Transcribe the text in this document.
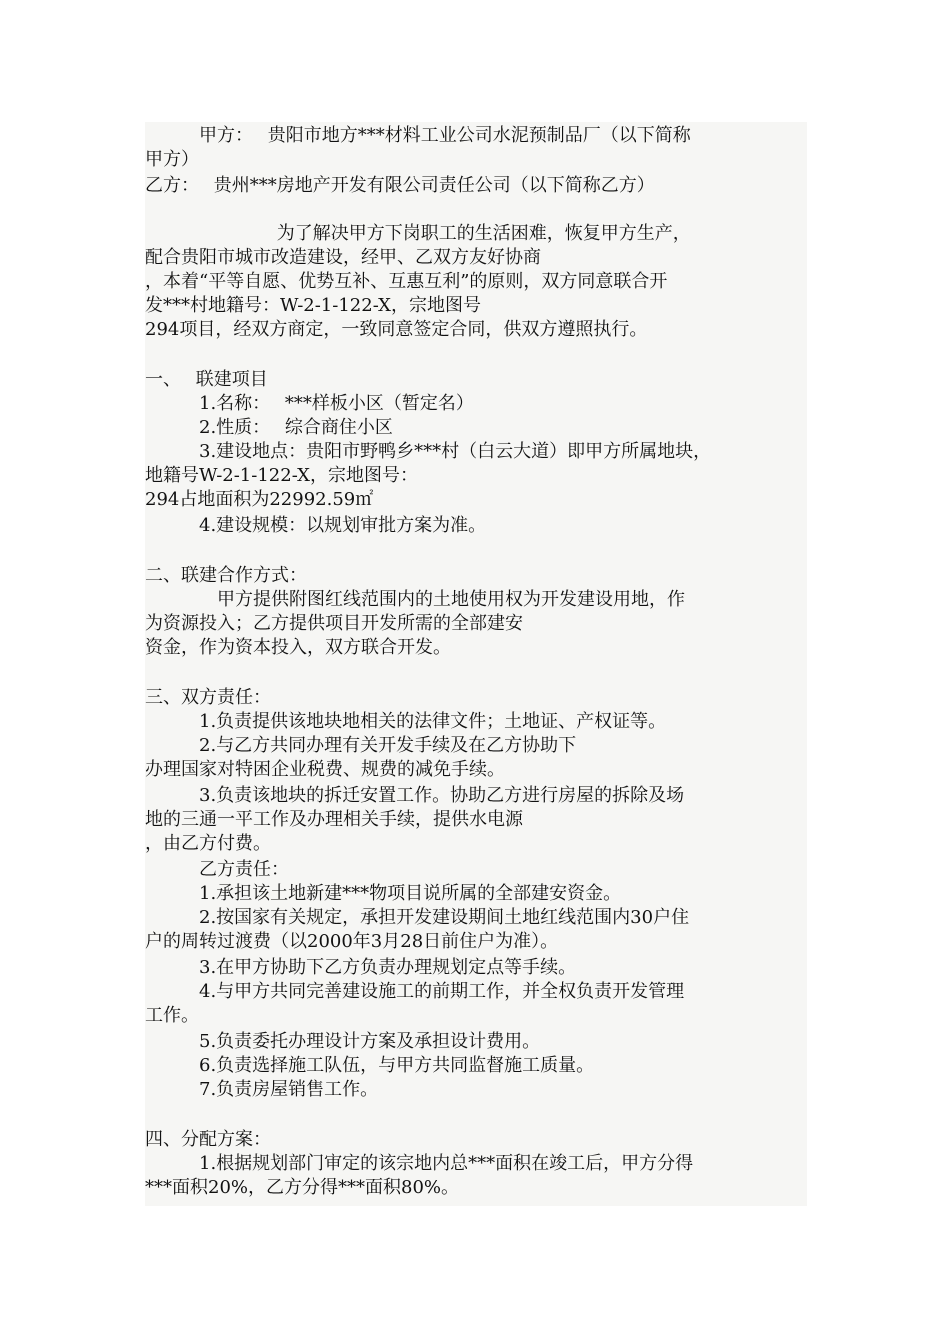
　　　甲方：　 贵阳市地方***材料工业公司水泥预制品厂（以下简称
甲方）
乙方：　 贵州***房地产开发有限公司责任公司（以下简称乙方）
　　　　　　　 为了解决甲方下岗职工的生活困难，恢复甲方生产，
配合贵阳市城市改造建设，经甲、乙双方友好协商
，本着“平等自愿、优势互补、互惠互利”的原则，双方同意联合开
发***村地籍号：W-2-1-122-X，宗地图号
294项目，经双方商定，一致同意签定合同，供双方遵照执行。
一、　 联建项目
　　　1.名称：　 ***样板小区（暂定名）
　　　2.性质：　 综合商住小区
　　　3.建设地点：贵阳市野鸭乡***村（白云大道）即甲方所属地块，
地籍号W-2-1-122-X，宗地图号：
294占地面积为22992.59㎡
　　　4.建设规模：以规划审批方案为准。
二、联建合作方式：
　　　　甲方提供附图红线范围内的土地使用权为开发建设用地，作
为资源投入；乙方提供项目开发所需的全部建安
资金，作为资本投入，双方联合开发。
三、双方责任：
　　　1.负责提供该地块地相关的法律文件；土地证、产权证等。
　　　2.与乙方共同办理有关开发手续及在乙方协助下
办理国家对特困企业税费、规费的减免手续。
　　　3.负责该地块的拆迁安置工作。协助乙方进行房屋的拆除及场
地的三通一平工作及办理相关手续，提供水电源
，由乙方付费。
　　　乙方责任：
　　　1.承担该土地新建***物项目说所属的全部建安资金。
　　　2.按国家有关规定，承担开发建设期间土地红线范围内30户住
户的周转过渡费（以2000年3月28日前住户为准）。
　　　3.在甲方协助下乙方负责办理规划定点等手续。
　　　4.与甲方共同完善建设施工的前期工作，并全权负责开发管理
工作。
　　　5.负责委托办理设计方案及承担设计费用。
　　　6.负责选择施工队伍，与甲方共同监督施工质量。
　　　7.负责房屋销售工作。
四、分配方案：
　　　1.根据规划部门审定的该宗地内总***面积在竣工后，甲方分得
***面积20%，乙方分得***面积80%。
